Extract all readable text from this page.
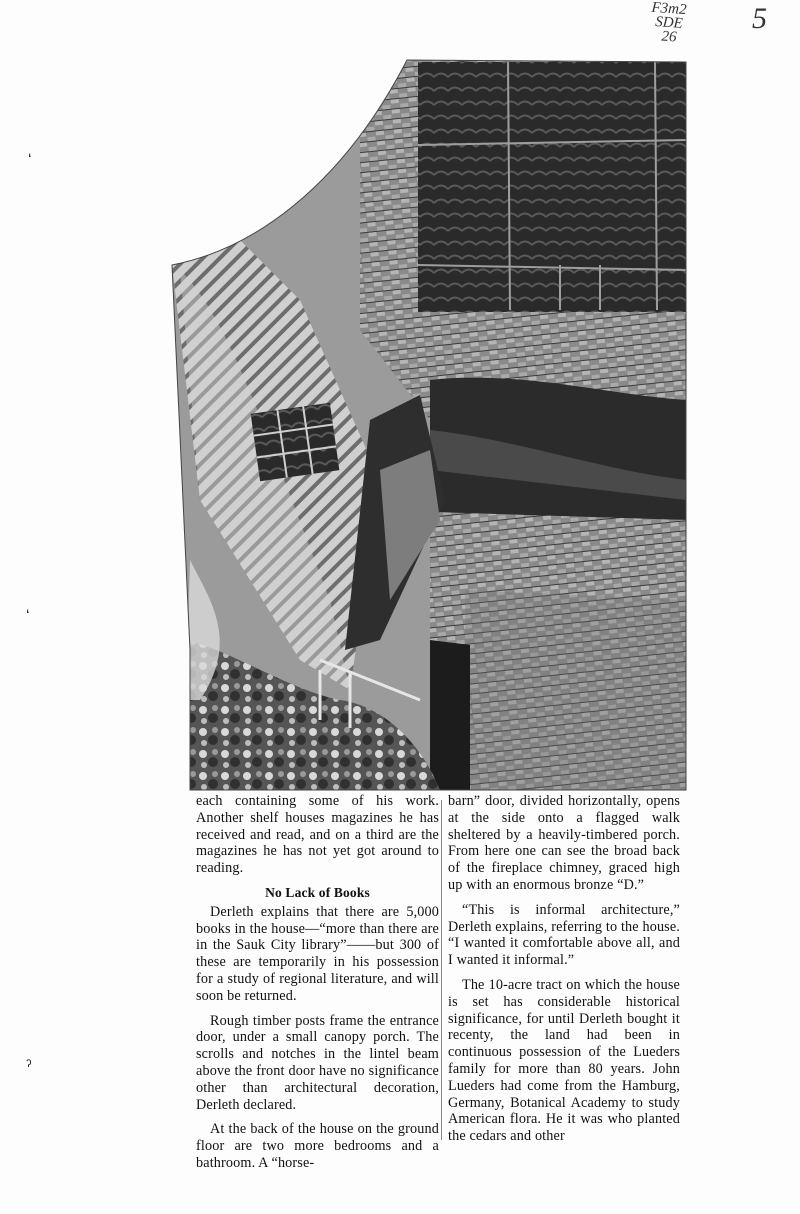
F3m2
SDE
26
5
ʻ
ʻ
ˀ

each containing some of his work. Another shelf houses magazines he has received and read, and on a third are the magazines he has not yet got around to reading.

No Lack of Books

Derleth explains that there are 5,000 books in the house—“more than there are in the Sauk City library”——but 300 of these are temporarily in his possession for a study of regional literature, and will soon be returned.

Rough timber posts frame the entrance door, under a small canopy porch. The scrolls and notches in the lintel beam above the front door have no significance other than architectural decoration, Derleth declared.

At the back of the house on the ground floor are two more bedrooms and a bathroom. A “horse-

barn” door, divided horizontally, opens at the side onto a flagged walk sheltered by a heavily-timbered porch. From here one can see the broad back of the fireplace chimney, graced high up with an enormous bronze “D.”

“This is informal architecture,” Derleth explains, referring to the house. “I wanted it comfortable above all, and I wanted it informal.”

The 10-acre tract on which the house is set has considerable historical significance, for until Derleth bought it recenty, the land had been in continuous possession of the Lueders family for more than 80 years. John Lueders had come from the Hamburg, Germany, Botanical Academy to study American flora. He it was who planted the cedars and other
